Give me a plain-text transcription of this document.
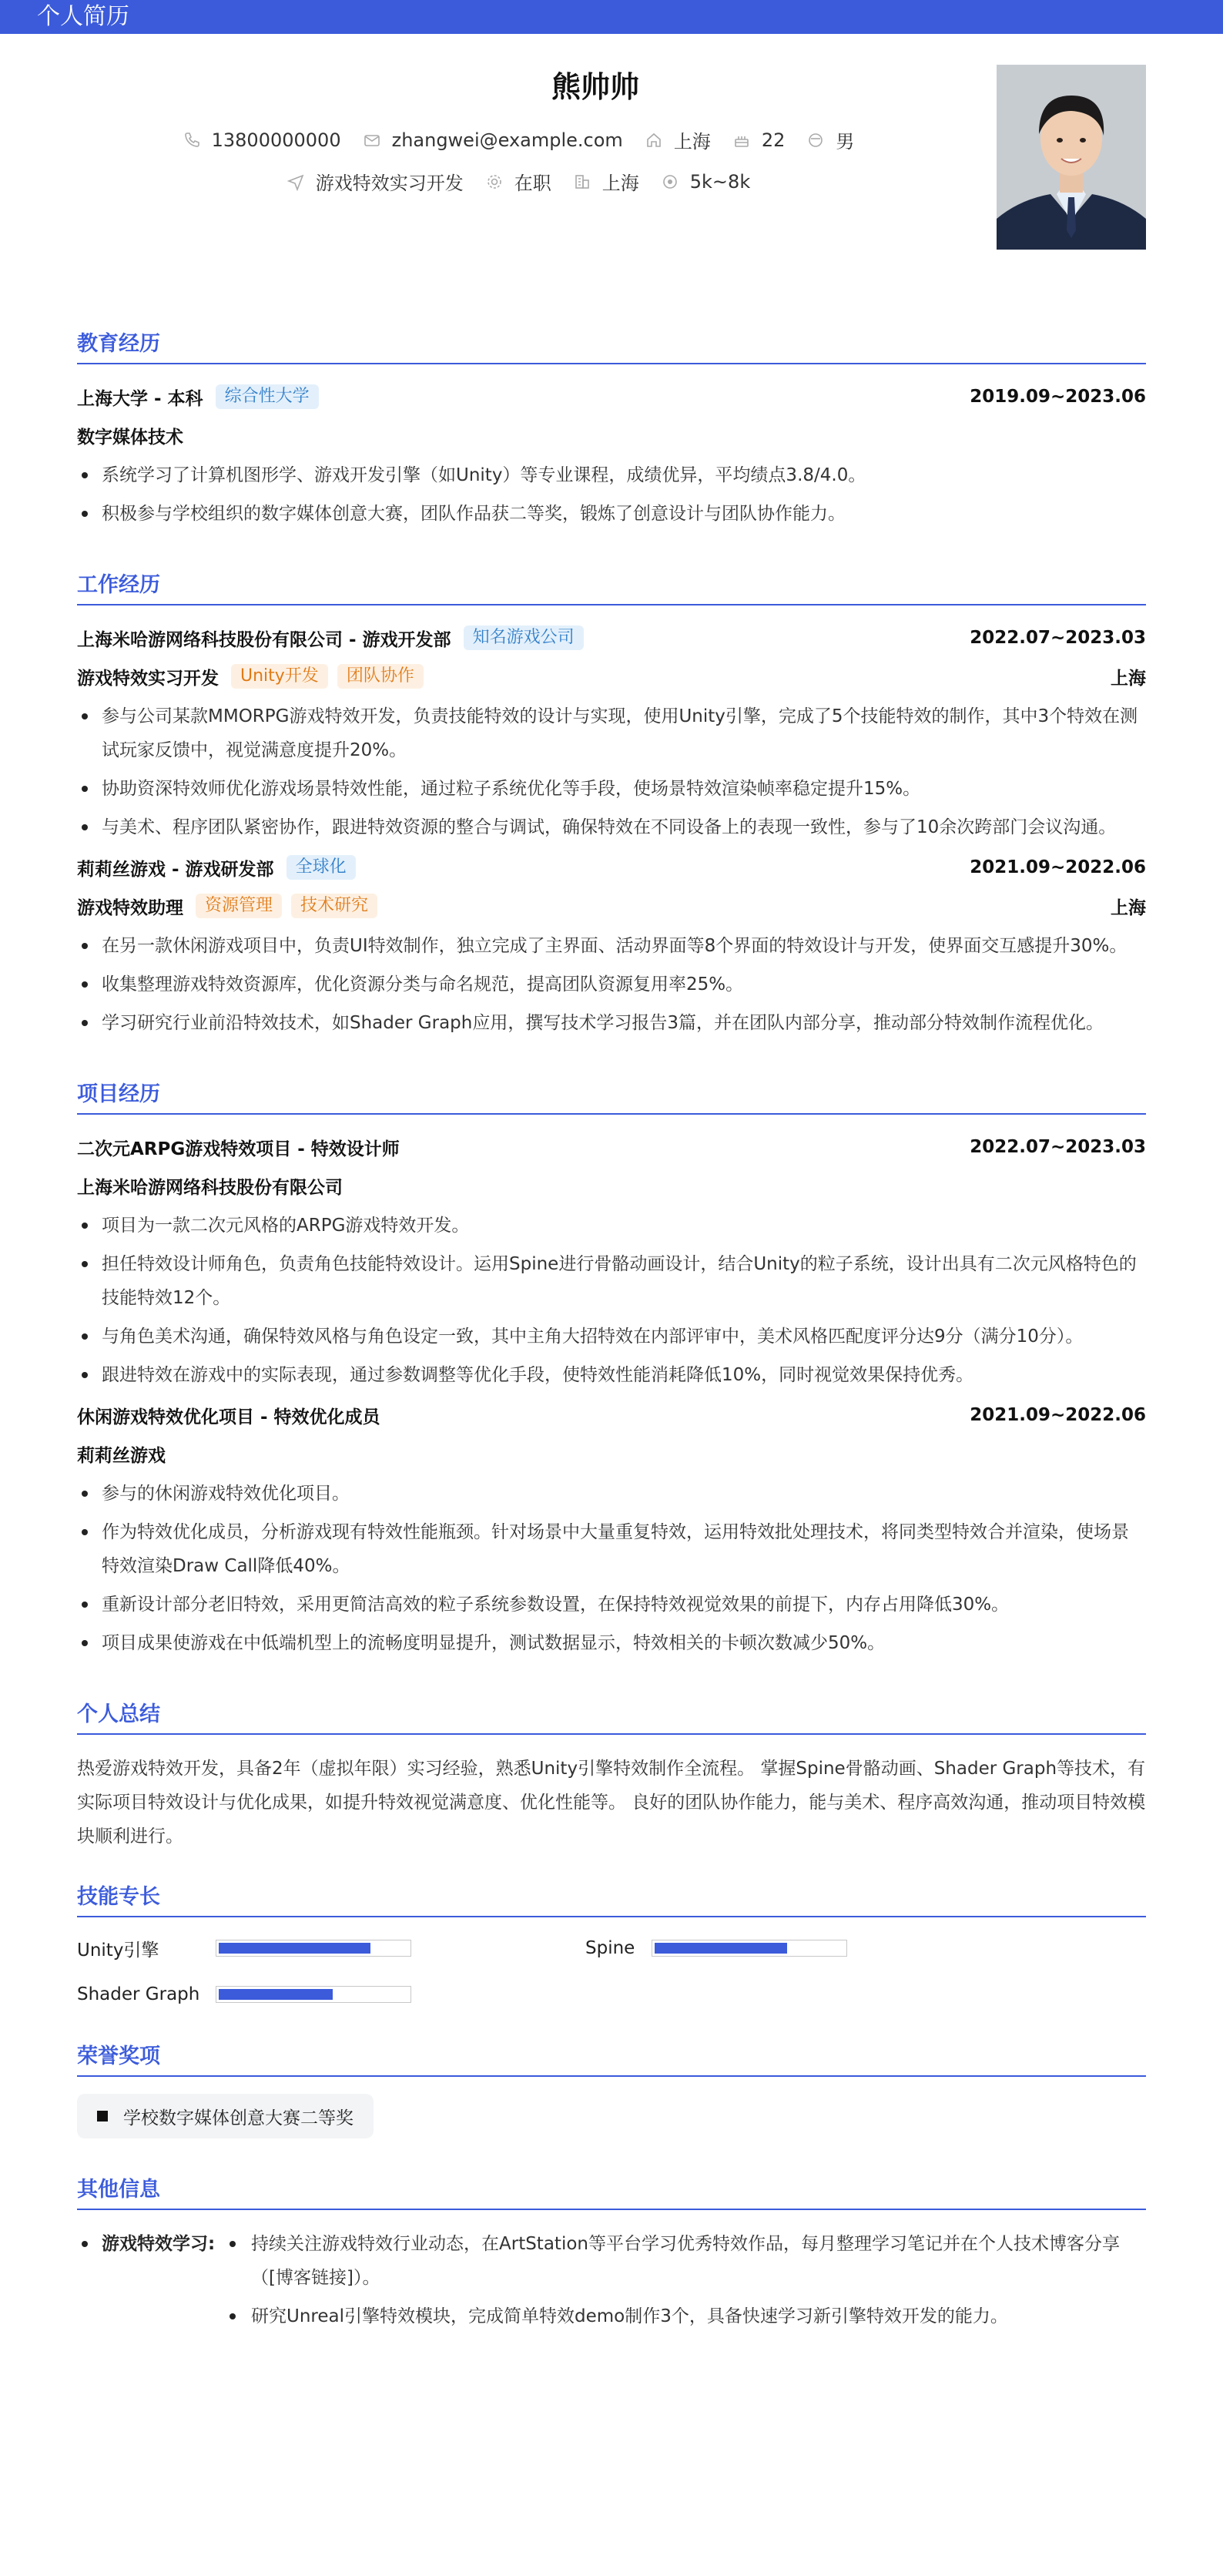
个人简历
熊帅帅
13800000000	zhangwei@example.com	上海	22	男
游戏特效实习开发	在职	上海	5k~8k
教育经历
上海大学 - 本科	综合性大学	2019.09~2023.06
数字媒体技术
系统学习了计算机图形学、游戏开发引擎（如Unity）等专业课程，成绩优异，平均绩点3.8/4.0。
积极参与学校组织的数字媒体创意大赛，团队作品获二等奖，锻炼了创意设计与团队协作能力。
工作经历
上海米哈游网络科技股份有限公司 - 游戏开发部	知名游戏公司	2022.07~2023.03
游戏特效实习开发	Unity开发	团队协作	上海
参与公司某款MMORPG游戏特效开发，负责技能特效的设计与实现，使用Unity引擎，完成了5个技能特效的制作，其中3个特效在测试玩家反馈中，视觉满意度提升20%。
协助资深特效师优化游戏场景特效性能，通过粒子系统优化等手段，使场景特效渲染帧率稳定提升15%。
与美术、程序团队紧密协作，跟进特效资源的整合与调试，确保特效在不同设备上的表现一致性，参与了10余次跨部门会议沟通。
莉莉丝游戏 - 游戏研发部	全球化	2021.09~2022.06
游戏特效助理	资源管理	技术研究	上海
在另一款休闲游戏项目中，负责UI特效制作，独立完成了主界面、活动界面等8个界面的特效设计与开发，使界面交互感提升30%。
收集整理游戏特效资源库，优化资源分类与命名规范，提高团队资源复用率25%。
学习研究行业前沿特效技术，如Shader Graph应用，撰写技术学习报告3篇，并在团队内部分享，推动部分特效制作流程优化。
项目经历
二次元ARPG游戏特效项目 - 特效设计师	2022.07~2023.03
上海米哈游网络科技股份有限公司
项目为一款二次元风格的ARPG游戏特效开发。
担任特效设计师角色，负责角色技能特效设计。运用Spine进行骨骼动画设计，结合Unity的粒子系统，设计出具有二次元风格特色的技能特效12个。
与角色美术沟通，确保特效风格与角色设定一致，其中主角大招特效在内部评审中，美术风格匹配度评分达9分（满分10分）。
跟进特效在游戏中的实际表现，通过参数调整等优化手段，使特效性能消耗降低10%，同时视觉效果保持优秀。
休闲游戏特效优化项目 - 特效优化成员	2021.09~2022.06
莉莉丝游戏
参与的休闲游戏特效优化项目。
作为特效优化成员，分析游戏现有特效性能瓶颈。针对场景中大量重复特效，运用特效批处理技术，将同类型特效合并渲染，使场景特效渲染Draw Call降低40%。
重新设计部分老旧特效，采用更简洁高效的粒子系统参数设置，在保持特效视觉效果的前提下，内存占用降低30%。
项目成果使游戏在中低端机型上的流畅度明显提升，测试数据显示，特效相关的卡顿次数减少50%。
个人总结

热爱游戏特效开发，具备2年（虚拟年限）实习经验，熟悉Unity引擎特效制作全流程。 掌握Spine骨骼动画、Shader Graph等技术，有实际项目特效设计与优化成果，如提升特效视觉满意度、优化性能等。 良好的团队协作能力，能与美术、程序高效沟通，推动项目特效模块顺利进行。

技能专长
Unity引擎	Spine
Shader Graph
荣誉奖项
学校数字媒体创意大赛二等奖
其他信息
游戏特效学习:	持续关注游戏特效行业动态，在ArtStation等平台学习优秀特效作品，每月整理学习笔记并在个人技术博客分享（[博客链接]）。
研究Unreal引擎特效模块，完成简单特效demo制作3个，具备快速学习新引擎特效开发的能力。
